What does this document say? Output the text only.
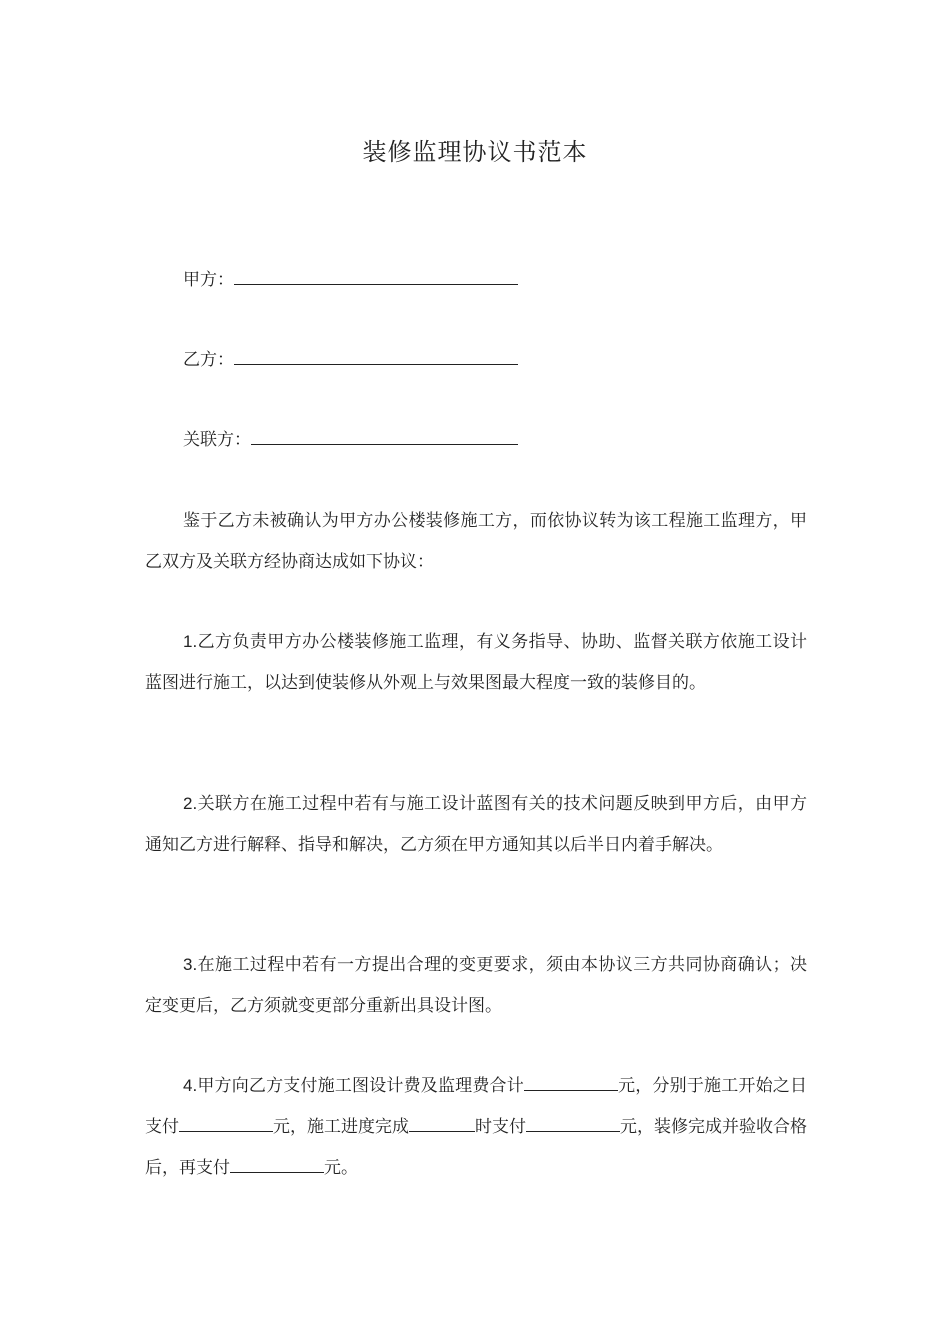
装修监理协议书范本
甲方：
乙方：
关联方：
鉴于乙方未被确认为甲方办公楼装修施工方，而依协议转为该工程施工监理方，甲乙双方及关联方经协商达成如下协议：
1.乙方负责甲方办公楼装修施工监理，有义务指导、协助、监督关联方依施工设计蓝图进行施工，以达到使装修从外观上与效果图最大程度一致的装修目的。
2.关联方在施工过程中若有与施工设计蓝图有关的技术问题反映到甲方后，由甲方通知乙方进行解释、指导和解决，乙方须在甲方通知其以后半日内着手解决。
3.在施工过程中若有一方提出合理的变更要求，须由本协议三方共同协商确认；决定变更后，乙方须就变更部分重新出具设计图。
4.甲方向乙方支付施工图设计费及监理费合计	元，分别于施工开始之日支付	元，施工进度完成	时支付	元，装修完成并验收合格后，再支付	元。
